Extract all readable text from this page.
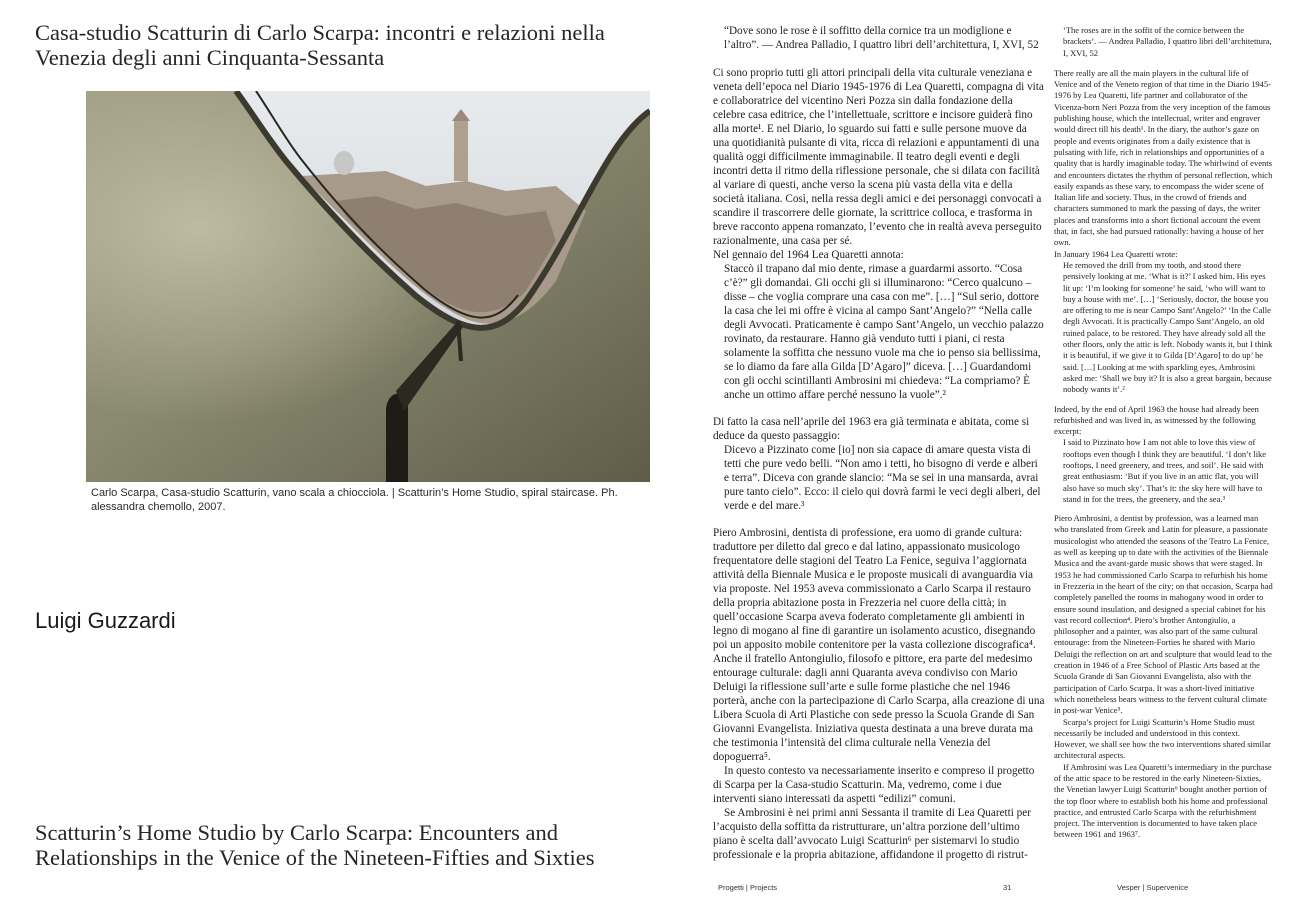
Casa-studio Scatturin di Carlo Scarpa: incontri e relazioni nella Venezia degli anni Cinquanta-Sessanta
Carlo Scarpa, Casa-studio Scatturin, vano scala a chiocciola. | Scatturin’s Home Studio, spiral staircase. Ph. alessandra chemollo, 2007.
Luigi Guzzardi
Scatturin’s Home Studio by Carlo Scarpa: Encounters and Relationships in the Venice of the Nineteen-Fifties and Sixties

“Dove sono le rose è il soffitto della cornice tra un modiglione e l’altro”. — Andrea Palladio, I quattro libri dell’architettura, I, XVI, 52

Ci sono proprio tutti gli attori principali della vita culturale veneziana e veneta dell’epoca nel Diario 1945-1976 di Lea Quaretti, compagna di vita e collaboratrice del vicentino Neri Pozza sin dalla fondazione della celebre casa editrice, che l’intellettuale, scrittore e incisore guiderà fino alla morte¹. E nel Diario, lo sguardo sui fatti e sulle persone muove da una quotidianità pulsante di vita, ricca di relazioni e appuntamenti di una qualità oggi difficilmente immaginabile. Il teatro degli eventi e degli incontri detta il ritmo della riflessione personale, che si dilata con facilità al variare di questi, anche verso la scena più vasta della vita e della società italiana. Così, nella ressa degli amici e dei personaggi convocati a scandire il trascorrere delle giornate, la scrittrice colloca, e trasforma in breve racconto appena romanzato, l’evento che in realtà aveva perseguito razionalmente, una casa per sé.

Nel gennaio del 1964 Lea Quaretti annota:

Staccò il trapano dal mio dente, rimase a guardarmi assorto. “Cosa c’è?” gli domandai. Gli occhi gli si illuminarono: “Cerco qualcuno – disse – che voglia comprare una casa con me”. […] “Sul serio, dottore la casa che lei mi offre è vicina al campo Sant’Angelo?” “Nella calle degli Avvocati. Praticamente è campo Sant’Angelo, un vecchio palazzo rovinato, da restaurare. Hanno già venduto tutti i piani, ci resta solamente la soffitta che nessuno vuole ma che io penso sia bellissima, se lo diamo da fare alla Gilda [D’Agaro]” diceva. […] Guardandomi con gli occhi scintillanti Ambrosini mi chiedeva: “La compriamo? È anche un ottimo affare perché nessuno la vuole”.²

Di fatto la casa nell’aprile del 1963 era già terminata e abitata, come si deduce da questo passaggio:

Dicevo a Pizzinato come [io] non sia capace di amare questa vista di tetti che pure vedo belli. “Non amo i tetti, ho bisogno di verde e alberi e terra”. Diceva con grande slancio: “Ma se sei in una mansarda, avrai pure tanto cielo”. Ecco: il cielo qui dovrà farmi le veci degli alberi, del verde e del mare.³

Piero Ambrosini, dentista di professione, era uomo di grande cultura: traduttore per diletto dal greco e dal latino, appassionato musicologo frequentatore delle stagioni del Teatro La Fenice, seguiva l’aggiornata attività della Biennale Musica e le proposte musicali di avanguardia via via proposte. Nel 1953 aveva commissionato a Carlo Scarpa il restauro della propria abitazione posta in Frezzeria nel cuore della città; in quell’occasione Scarpa aveva foderato completamente gli ambienti in legno di mogano al fine di garantire un isolamento acustico, disegnando poi un apposito mobile contenitore per la vasta collezione discografica⁴. Anche il fratello Antongiulio, filosofo e pittore, era parte del medesimo entourage culturale: dagli anni Quaranta aveva condiviso con Mario Deluigi la riflessione sull’arte e sulle forme plastiche che nel 1946 porterà, anche con la partecipazione di Carlo Scarpa, alla creazione di una Libera Scuola di Arti Plastiche con sede presso la Scuola Grande di San Giovanni Evangelista. Iniziativa questa destinata a una breve durata ma che testimonia l’intensità del clima culturale nella Venezia del dopoguerra⁵.

In questo contesto va necessariamente inserito e compreso il progetto di Scarpa per la Casa-studio Scatturin. Ma, vedremo, come i due interventi siano interessati da aspetti “edilizi” comuni.

Se Ambrosini è nei primi anni Sessanta il tramite di Lea Quaretti per l’acquisto della soffitta da ristrutturare, un’altra porzione dell’ultimo piano è scelta dall’avvocato Luigi Scatturin⁶ per sistemarvi lo studio professionale e la propria abitazione, affidandone il progetto di ristrut-

‘The roses are in the soffit of the cornice between the brackets’. — Andrea Palladio, I quattro libri dell’architettura, I, XVI, 52

There really are all the main players in the cultural life of Venice and of the Veneto region of that time in the Diario 1945-1976 by Lea Quaretti, life partner and collaborator of the Vicenza-born Neri Pozza from the very inception of the famous publishing house, which the intellectual, writer and engraver would direct till his death¹. In the diary, the author’s gaze on people and events originates from a daily existence that is pulsating with life, rich in relationships and opportunities of a quality that is hardly imaginable today. The whirlwind of events and encounters dictates the rhythm of personal reflection, which easily expands as these vary, to encompass the wider scene of Italian life and society. Thus, in the crowd of friends and characters summoned to mark the passing of days, the writer places and transforms into a short fictional account the event that, in fact, she had pursued rationally: having a house of her own.

In January 1964 Lea Quaretti wrote:

He removed the drill from my tooth, and stood there pensively looking at me. ‘What is it?’ I asked him. His eyes lit up: ‘I’m looking for someone’ he said, ‘who will want to buy a house with me’. […] ‘Seriously, doctor, the house you are offering to me is near Campo Sant’Angelo?’ ‘In the Calle degli Avvocati. It is practically Campo Sant’Angelo, an old ruined palace, to be restored. They have already sold all the other floors, only the attic is left. Nobody wants it, but I think it is beautiful, if we give it to Gilda [D’Agaro] to do up’ he said. […] Looking at me with sparkling eyes, Ambrosini asked me: ‘Shall we buy it? It is also a great bargain, because nobody wants it’.²

Indeed, by the end of April 1963 the house had already been refurbished and was lived in, as witnessed by the following excerpt:

I said to Pizzinato how I am not able to love this view of rooftops even though I think they are beautiful. ‘I don’t like rooftops, I need greenery, and trees, and soil’. He said with great enthusiasm: ‘But if you live in an attic flat, you will also have so much sky’. That’s it: the sky here will have to stand in for the trees, the greenery, and the sea.³

Piero Ambrosini, a dentist by profession, was a learned man who translated from Greek and Latin for pleasure, a passionate musicologist who attended the seasons of the Teatro La Fenice, as well as keeping up to date with the activities of the Biennale Musica and the avant-garde music shows that were staged. In 1953 he had commissioned Carlo Scarpa to refurbish his home in Frezzeria in the heart of the city; on that occasion, Scarpa had completely panelled the rooms in mahogany wood in order to ensure sound insulation, and designed a special cabinet for his vast record collection⁴. Piero’s brother Antongiulio, a philosopher and a painter, was also part of the same cultural entourage: from the Nineteen-Forties he shared with Mario Deluigi the reflection on art and sculpture that would lead to the creation in 1946 of a Free School of Plastic Arts based at the Scuola Grande di San Giovanni Evangelista, also with the participation of Carlo Scarpa. It was a short-lived initiative which nonetheless bears witness to the fervent cultural climate in post-war Venice⁵.

Scarpa’s project for Luigi Scatturin’s Home Studio must necessarily be included and understood in this context. However, we shall see how the two interventions shared similar architectural aspects.

If Ambrosini was Lea Quaretti’s intermediary in the purchase of the attic space to be restored in the early Nineteen-Sixties, the Venetian lawyer Luigi Scatturin⁶ bought another portion of the top floor where to establish both his home and professional practice, and entrusted Carlo Scarpa with the refurbishment project. The intervention is documented to have taken place between 1961 and 1963⁷.

Progetti | Projects	31	Vesper | Supervenice
